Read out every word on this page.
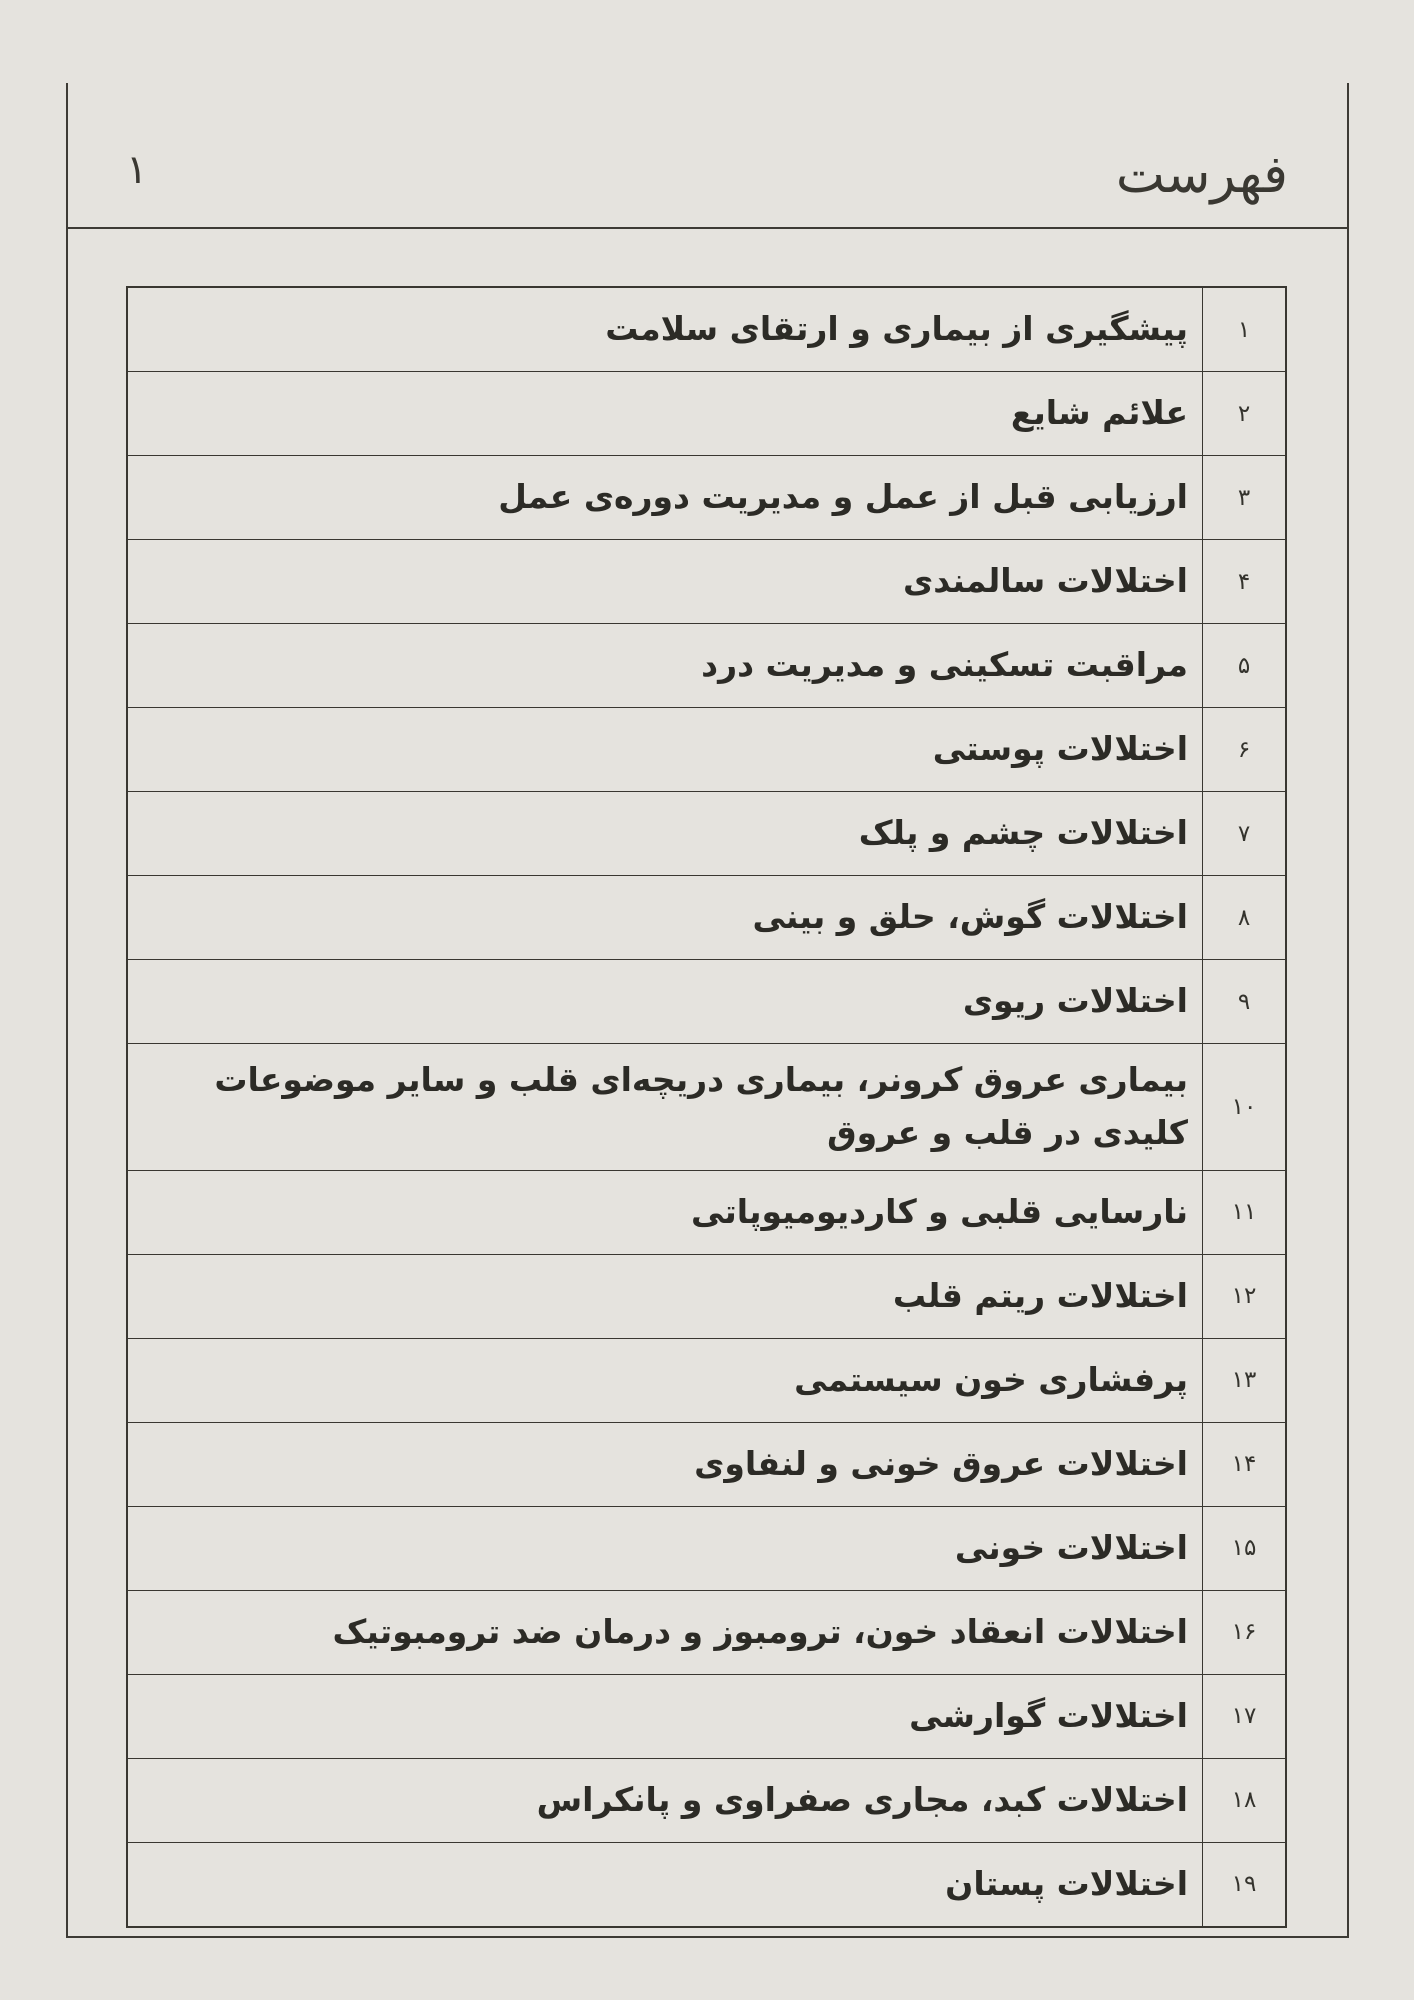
فهرست
۱
۱
پیشگیری از بیماری و ارتقای سلامت
۲
علائم شایع
۳
ارزیابی قبل از عمل و مدیریت دوره‌ی عمل
۴
اختلالات سالمندی
۵
مراقبت تسکینی و مدیریت درد
۶
اختلالات پوستی
۷
اختلالات چشم و پلک
۸
اختلالات گوش، حلق و بینی
۹
اختلالات ریوی
۱۰
بیماری عروق کرونر، بیماری دریچه‌ای قلب و سایر موضوعات کلیدی در قلب و عروق
۱۱
نارسایی قلبی و کاردیومیوپاتی
۱۲
اختلالات ریتم قلب
۱۳
پرفشاری خون سیستمی
۱۴
اختلالات عروق خونی و لنفاوی
۱۵
اختلالات خونی
۱۶
اختلالات انعقاد خون، ترومبوز و درمان ضد ترومبوتیک
۱۷
اختلالات گوارشی
۱۸
اختلالات کبد، مجاری صفراوی و پانکراس
۱۹
اختلالات پستان
